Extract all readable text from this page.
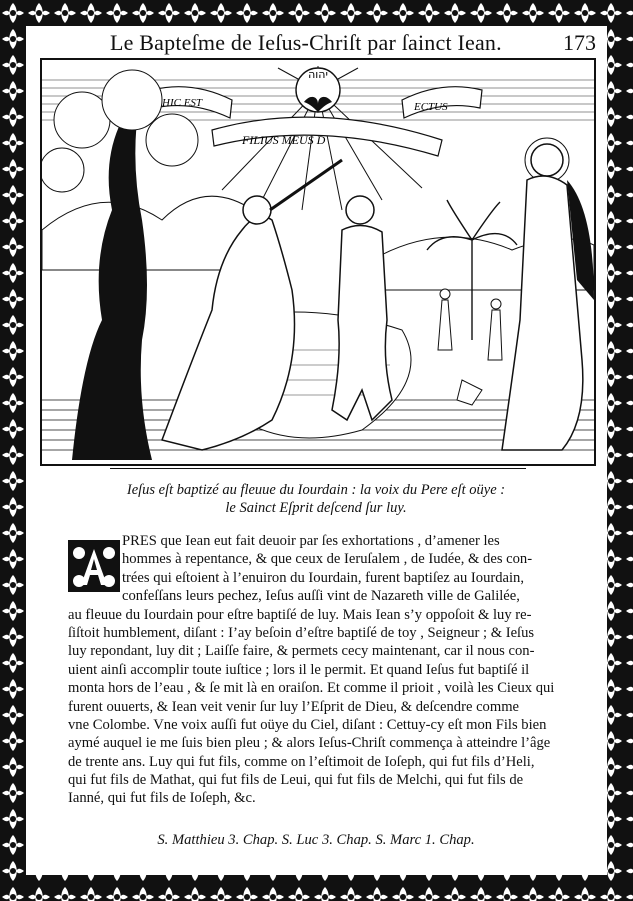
Le Bapteſme de Ieſus-Chriſt par ſainct Iean.	173
יהוה
HIC EST	ECTUS
FILIUS MEUS D
Ieſus eſt baptizé au fleuue du Iourdain : la voix du Pere eſt oüye :
le Sainct Eſprit deſcend ſur luy.
PRES que Iean eut fait deuoir par ſes exhortations , d’amener les
hommes à repentance, & que ceux de Ieruſalem , de Iudée, & des con-
trées qui eſtoient à l’enuiron du Iourdain, furent baptiſez au Iourdain,
confeſſans leurs pechez, Ieſus auſſi vint de Nazareth ville de Galilée,
au fleuue du Iourdain pour eſtre baptiſé de luy. Mais Iean s’y oppoſoit & luy re-
ſiſtoit humblement, diſant : I’ay beſoin d’eſtre baptiſé de toy , Seigneur ; & Ieſus
luy repondant, luy dit ; Laiſſe faire, & permets cecy maintenant, car il nous con-
uient ainſi accomplir toute iuſtice ; lors il le permit. Et quand Ieſus fut baptiſé il
monta hors de l’eau , & ſe mit là en oraiſon. Et comme il prioit , voilà les Cieux qui
furent ouuerts, & Iean veit venir ſur luy l’Eſprit de Dieu, & deſcendre comme
vne Colombe. Vne voix auſſi fut oüye du Ciel, diſant : Cettuy-cy eſt mon Fils bien
aymé auquel ie me ſuis bien pleu ; & alors Ieſus-Chriſt commença à atteindre l’âge
de trente ans. Luy qui fut fils, comme on l’eſtimoit de Ioſeph, qui fut fils d’Heli,
qui fut fils de Mathat, qui fut fils de Leui, qui fut fils de Melchi, qui fut fils de
Ianné, qui fut fils de Ioſeph, &c.
S. Matthieu 3. Chap. S. Luc 3. Chap. S. Marc 1. Chap.
